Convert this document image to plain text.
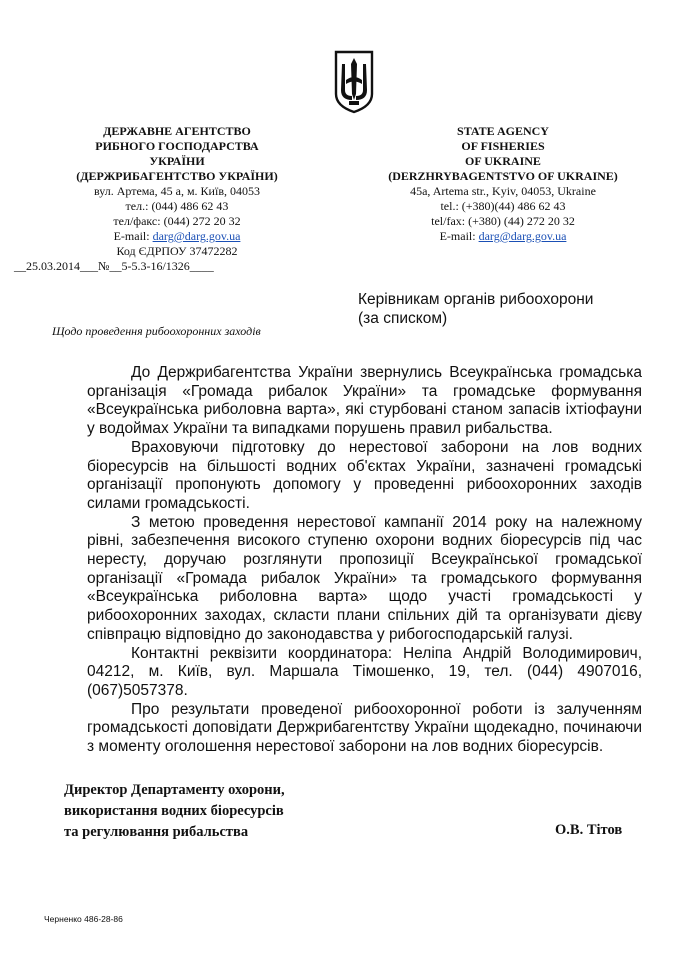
ДЕРЖАВНЕ АГЕНТСТВО
РИБНОГО ГОСПОДАРСТВА
УКРАЇНИ
(ДЕРЖРИБАГЕНТСТВО УКРАЇНИ)
вул. Артема, 45 а, м. Київ, 04053
тел.: (044) 486 62 43
тел/факс: (044) 272 20 32
E-mail: darg@darg.gov.ua
Код ЄДРПОУ 37472282
STATE AGENCY
OF FISHERIES
OF UKRAINE
(DERZHRYBAGENTSTVO OF UKRAINE)
45a, Artema str., Kyiv, 04053, Ukraine
tel.: (+380)(44) 486 62 43
tel/fax: (+380) (44) 272 20 32
E-mail: darg@darg.gov.ua
__25.03.2014___№__5-5.3-16/1326____
Керівникам органів рибоохорони
(за списком)
Щодо проведення рибоохоронних заходів

До Держрибагентства України звернулись Всеукраїнська громадська організація «Громада рибалок України» та громадське формування «Всеукраїнська риболовна варта», які стурбовані станом запасів іхтіофауни у водоймах України та випадками порушень правил рибальства.

Враховуючи підготовку до нерестової заборони на лов водних біоресурсів на більшості водних об'єктах України, зазначені громадські організації пропонують допомогу у проведенні рибоохоронних заходів силами громадськості.

З метою проведення нерестової кампанії 2014 року на належному рівні, забезпечення високого ступеню охорони водних біоресурсів під час нересту, доручаю розглянути пропозиції Всеукраїнської громадської організації «Громада рибалок України» та громадського формування «Всеукраїнська риболовна варта» щодо участі громадськості у рибоохоронних заходах, скласти плани спільних дій та організувати дієву співпрацю відповідно до законодавства у рибогосподарській галузі.

Контактні реквізити координатора: Неліпа Андрій Володимирович, 04212, м. Київ, вул. Маршала Тімошенко, 19, тел. (044) 4907016, (067)5057378.

Про результати проведеної рибоохоронної роботи із залученням громадськості доповідати Держрибагентству України щодекадно, починаючи з моменту оголошення нерестової заборони на лов водних біоресурсів.

Директор Департаменту охорони,
використання водних біоресурсів
та регулювання рибальства	О.В. Тітов
Черненко 486-28-86
